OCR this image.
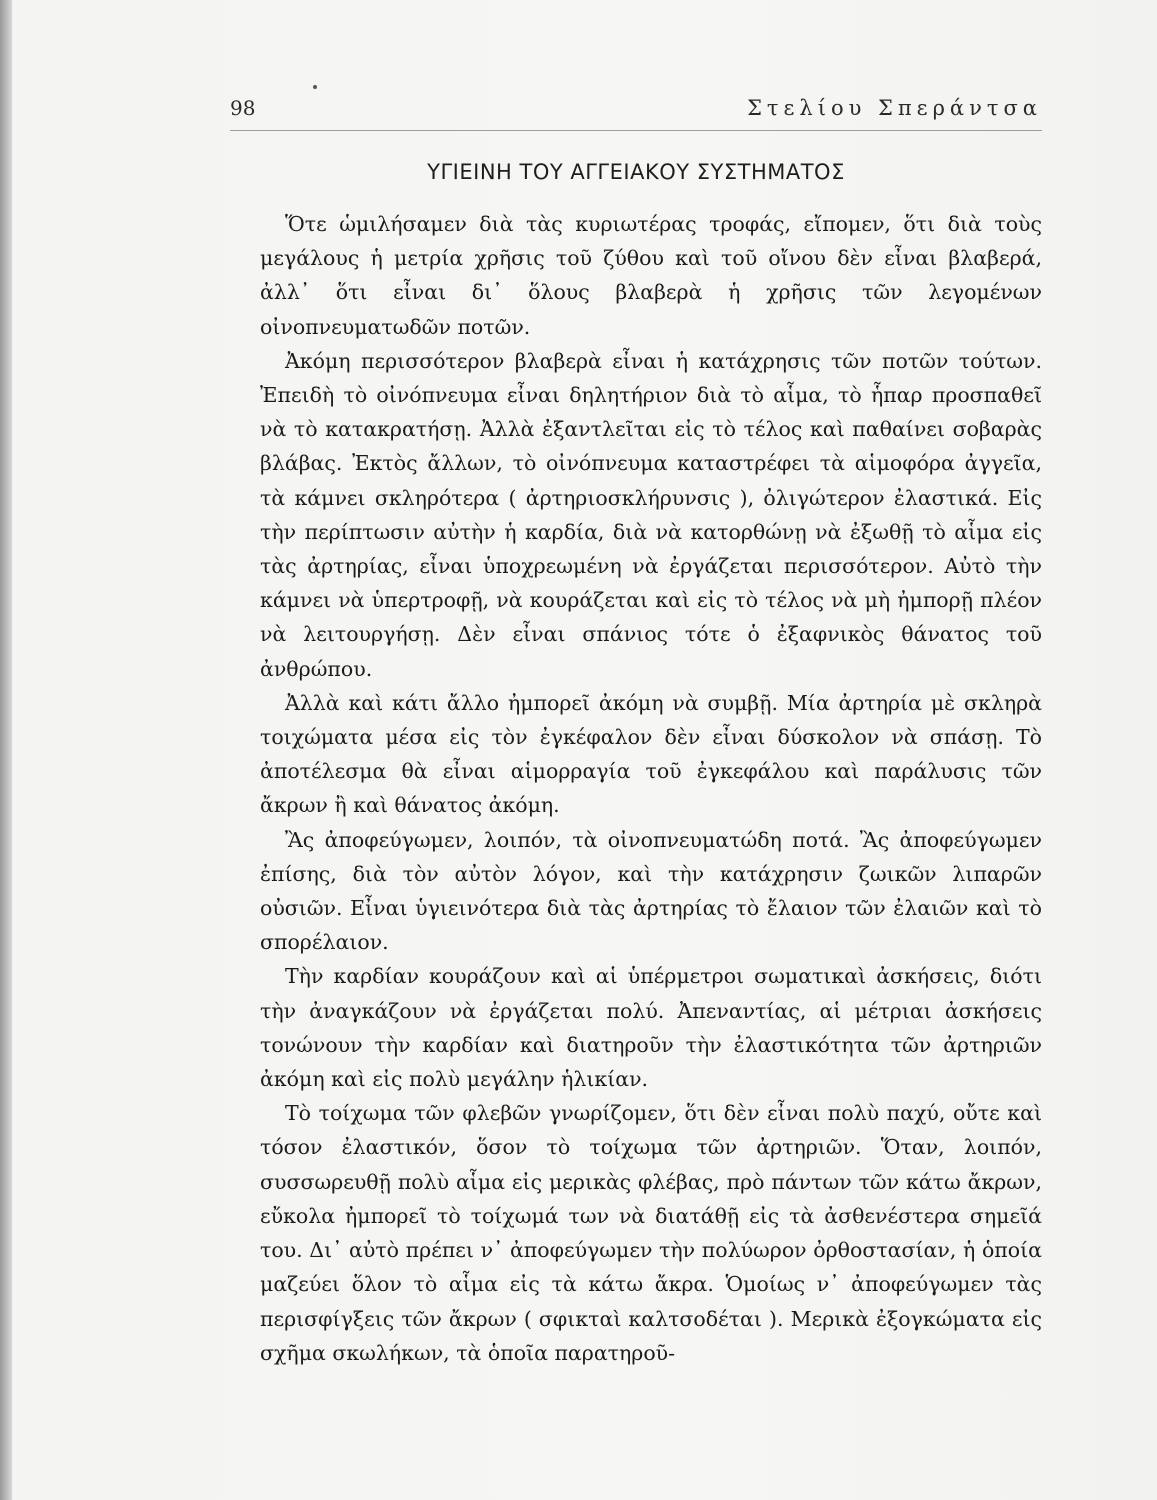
98	Στελίου Σπεράντσα
ΥΓΙΕΙΝΗ ΤΟΥ ΑΓΓΕΙΑΚΟΥ ΣΥΣΤΗΜΑΤΟΣ

Ὅτε ὡμιλήσαμεν διὰ τὰς κυριωτέρας τροφάς, εἴπομεν, ὅτι διὰ τοὺς μεγάλους ἡ μετρία χρῆσις τοῦ ζύθου καὶ τοῦ οἴνου δὲν εἶναι βλαβερά, ἀλλ᾽ ὅτι εἶναι δι᾽ ὅλους βλαβερὰ ἡ χρῆσις τῶν λεγομένων οἰνοπνευματωδῶν ποτῶν.

Ἀκόμη περισσότερον βλαβερὰ εἶναι ἡ κατάχρησις τῶν ποτῶν τούτων. Ἐπειδὴ τὸ οἰνόπνευμα εἶναι δηλητήριον διὰ τὸ αἷμα, τὸ ἧπαρ προσπαθεῖ νὰ τὸ κατακρατήσῃ. Ἀλλὰ ἐξαντλεῖται εἰς τὸ τέλος καὶ παθαίνει σοβαρὰς βλάβας. Ἐκτὸς ἄλλων, τὸ οἰνόπνευμα καταστρέφει τὰ αἱμοφόρα ἀγγεῖα, τὰ κάμνει σκληρότερα ( ἀρτηριοσκλήρυνσις ), ὀλιγώτερον ἐλαστικά. Εἰς τὴν περίπτωσιν αὐτὴν ἡ καρδία, διὰ νὰ κατορθώνῃ νὰ ἐξωθῇ τὸ αἷμα εἰς τὰς ἀρτηρίας, εἶναι ὑποχρεωμένη νὰ ἐργάζεται περισσότερον. Αὐτὸ τὴν κάμνει νὰ ὑπερτροφῇ, νὰ κουράζεται καὶ εἰς τὸ τέλος νὰ μὴ ἠμπορῇ πλέον νὰ λειτουργήσῃ. Δὲν εἶναι σπάνιος τότε ὁ ἐξαφνικὸς θάνατος τοῦ ἀνθρώπου.

Ἀλλὰ καὶ κάτι ἄλλο ἠμπορεῖ ἀκόμη νὰ συμβῇ. Μία ἀρτηρία μὲ σκληρὰ τοιχώματα μέσα εἰς τὸν ἐγκέφαλον δὲν εἶναι δύσκολον νὰ σπάσῃ. Τὸ ἀποτέλεσμα θὰ εἶναι αἱμορραγία τοῦ ἐγκεφάλου καὶ παράλυσις τῶν ἄκρων ἢ καὶ θάνατος ἀκόμη.

Ἂς ἀποφεύγωμεν, λοιπόν, τὰ οἰνοπνευματώδη ποτά. Ἂς ἀποφεύγωμεν ἐπίσης, διὰ τὸν αὐτὸν λόγον, καὶ τὴν κατάχρησιν ζωικῶν λιπαρῶν οὐσιῶν. Εἶναι ὑγιεινότερα διὰ τὰς ἀρτηρίας τὸ ἔλαιον τῶν ἐλαιῶν καὶ τὸ σπορέλαιον.

Τὴν καρδίαν κουράζουν καὶ αἱ ὑπέρμετροι σωματικαὶ ἀσκήσεις, διότι τὴν ἀναγκάζουν νὰ ἐργάζεται πολύ. Ἀπεναντίας, αἱ μέτριαι ἀσκήσεις τονώνουν τὴν καρδίαν καὶ διατηροῦν τὴν ἐλαστικότητα τῶν ἀρτηριῶν ἀκόμη καὶ εἰς πολὺ μεγάλην ἡλικίαν.

Τὸ τοίχωμα τῶν φλεβῶν γνωρίζομεν, ὅτι δὲν εἶναι πολὺ παχύ, οὔτε καὶ τόσον ἐλαστικόν, ὅσον τὸ τοίχωμα τῶν ἀρτηριῶν. Ὅταν, λοιπόν, συσσωρευθῇ πολὺ αἷμα εἰς μερικὰς φλέβας, πρὸ πάντων τῶν κάτω ἄκρων, εὔκολα ἠμπορεῖ τὸ τοίχωμά των νὰ διατάθῇ εἰς τὰ ἀσθενέστερα σημεῖά του. Δι᾽ αὐτὸ πρέπει ν᾽ ἀποφεύγωμεν τὴν πολύωρον ὀρθοστασίαν, ἡ ὁποία μαζεύει ὅλον τὸ αἷμα εἰς τὰ κάτω ἄκρα. Ὁμοίως ν᾽ ἀποφεύγωμεν τὰς περισφίγξεις τῶν ἄκρων ( σφικταὶ καλτσοδέται ). Μερικὰ ἐξογκώματα εἰς σχῆμα σκωλήκων, τὰ ὁποῖα παρατηροῦ-
